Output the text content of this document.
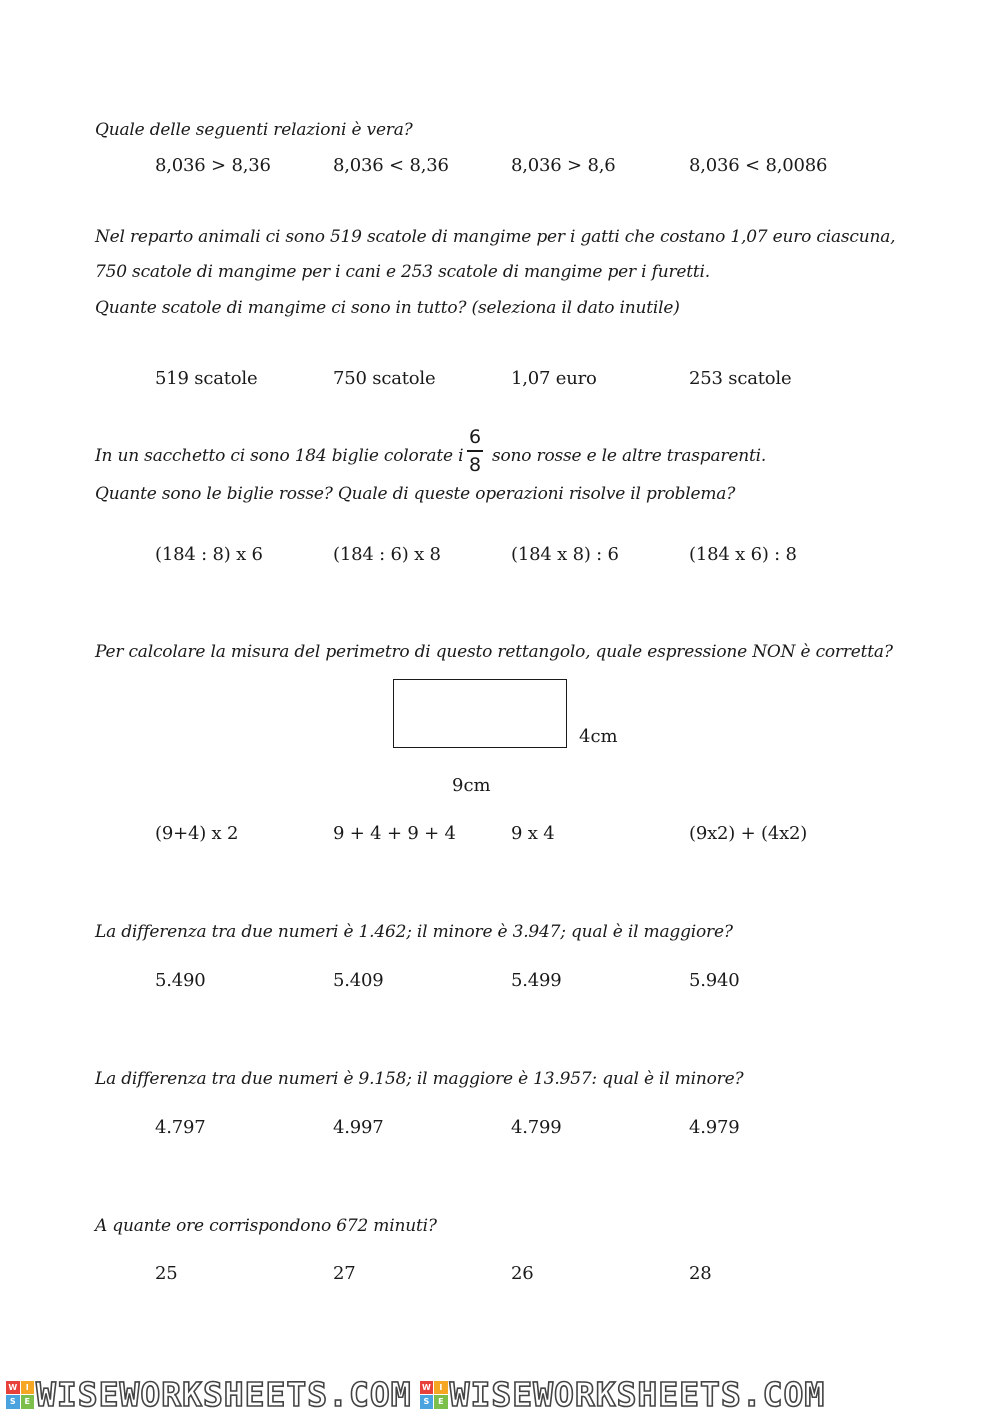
Quale delle seguenti relazioni è vera?
8,036 > 8,36	8,036 < 8,36	8,036 > 8,6	8,036 < 8,0086
Nel reparto animali ci sono 519 scatole di mangime per i gatti che costano 1,07 euro ciascuna,
750 scatole di mangime per i cani e 253 scatole di mangime per i furetti.
Quante scatole di mangime ci sono in tutto? (seleziona il dato inutile)
519 scatole	750 scatole	1,07 euro	253 scatole
In un sacchetto ci sono 184 biglie colorate i
6
8 sono rosse e le altre trasparenti.
Quante sono le biglie rosse? Quale di queste operazioni risolve il problema?
(184 : 8) x 6	(184 : 6) x 8	(184 x 8) : 6	(184 x 6) : 8
Per calcolare la misura del perimetro di questo rettangolo, quale espressione NON è corretta?
4cm
9cm
(9+4) x 2	9 + 4 + 9 + 4	9 x 4	(9x2) + (4x2)
La differenza tra due numeri è 1.462; il minore è 3.947; qual è il maggiore?
5.490	5.409	5.499	5.940
La differenza tra due numeri è 9.158; il maggiore è 13.957: qual è il minore?
4.797	4.997	4.799	4.979
A quante ore corrispondono 672 minuti?
25	27	26	28
W	I
S	E WISEWORKSHEETS.COM W	I
S	E WISEWORKSHEETS.COM
